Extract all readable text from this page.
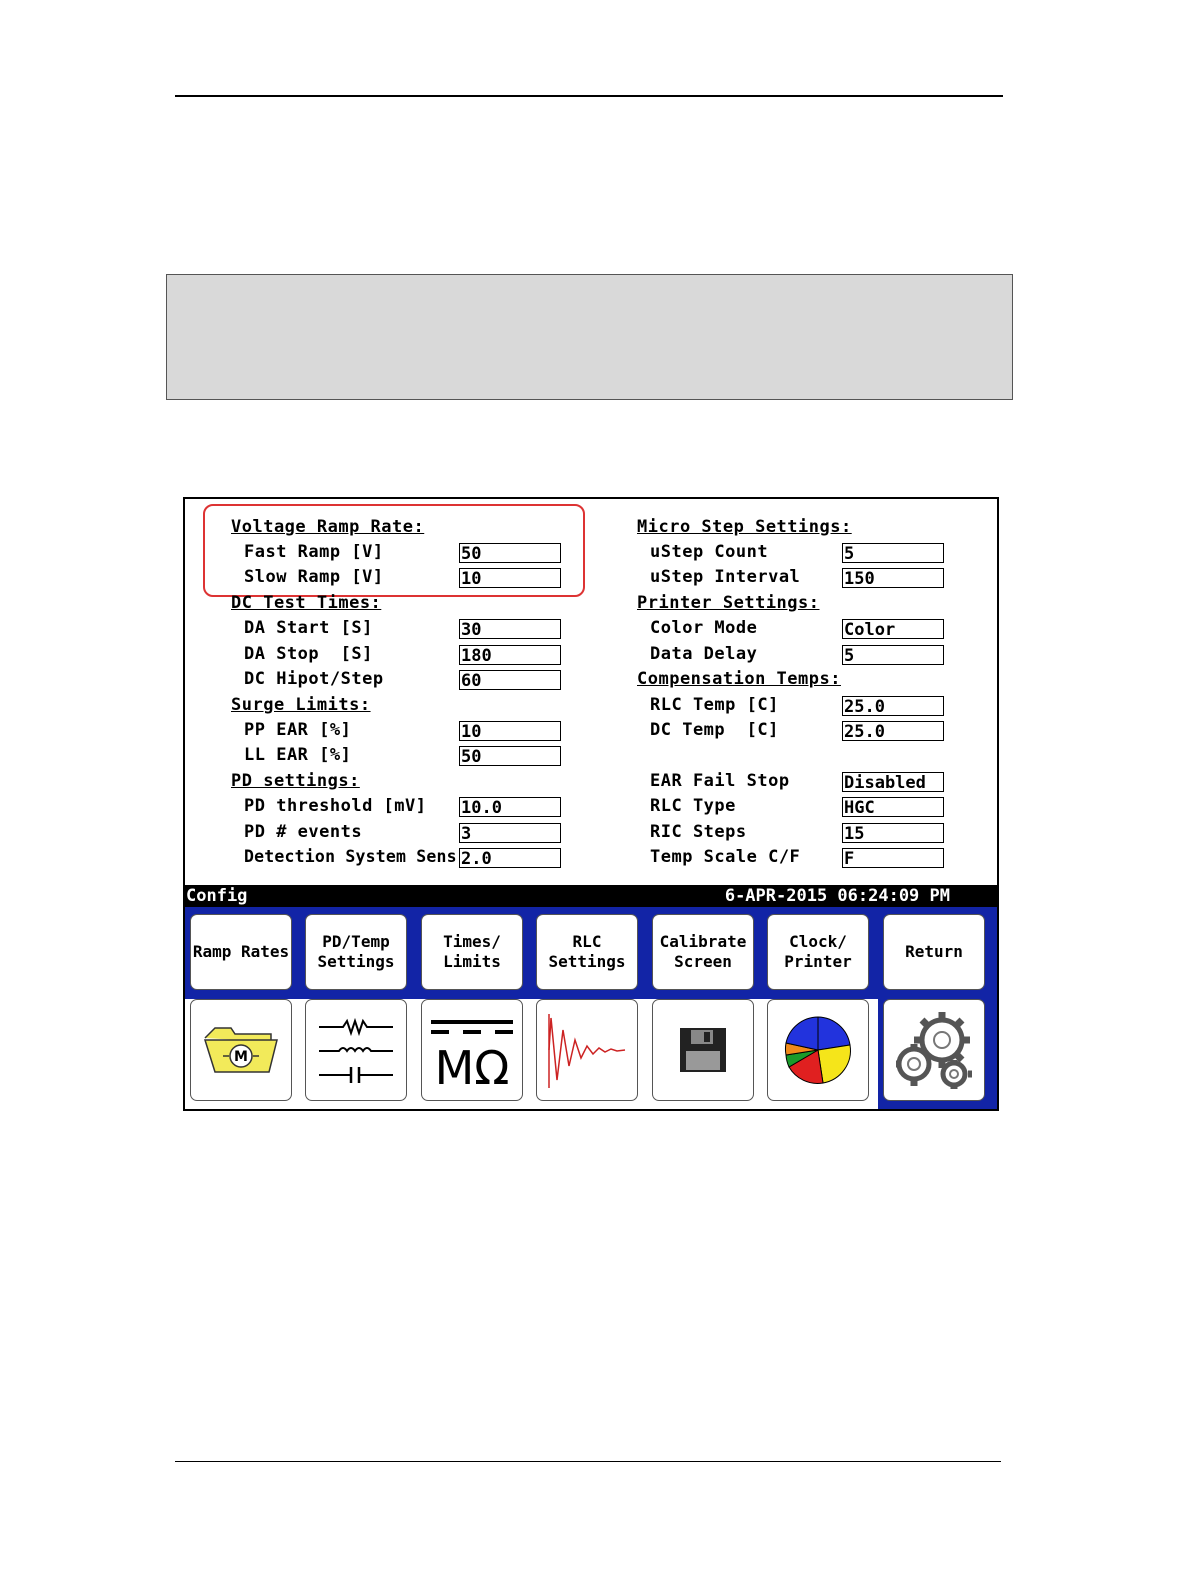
Voltage Ramp Rate:
Fast Ramp [V]	50
Slow Ramp [V]	10
DC Test Times:
DA Start [S]	30
DA Stop  [S]	180
DC Hipot/Step	60
Surge Limits:
PP EAR [%]	10
LL EAR [%]	50
PD settings:
PD threshold [mV] 10.0
PD # events	3
Detection System Sens 2.0
Micro Step Settings:
uStep Count	5
uStep Interval	150
Printer Settings:
Color Mode	Color
Data Delay	5
Compensation Temps:
RLC Temp [C]	25.0
DC Temp  [C]	25.0
EAR Fail Stop	Disabled
RLC Type	HGC
RIC Steps	15
Temp Scale C/F	F
Config	6-APR-2015 06:24:09 PM
Ramp Rates
PD/Temp
Settings
Times/
Limits
RLC
Settings
Calibrate
Screen
Clock/
Printer
Return
M	MΩ
